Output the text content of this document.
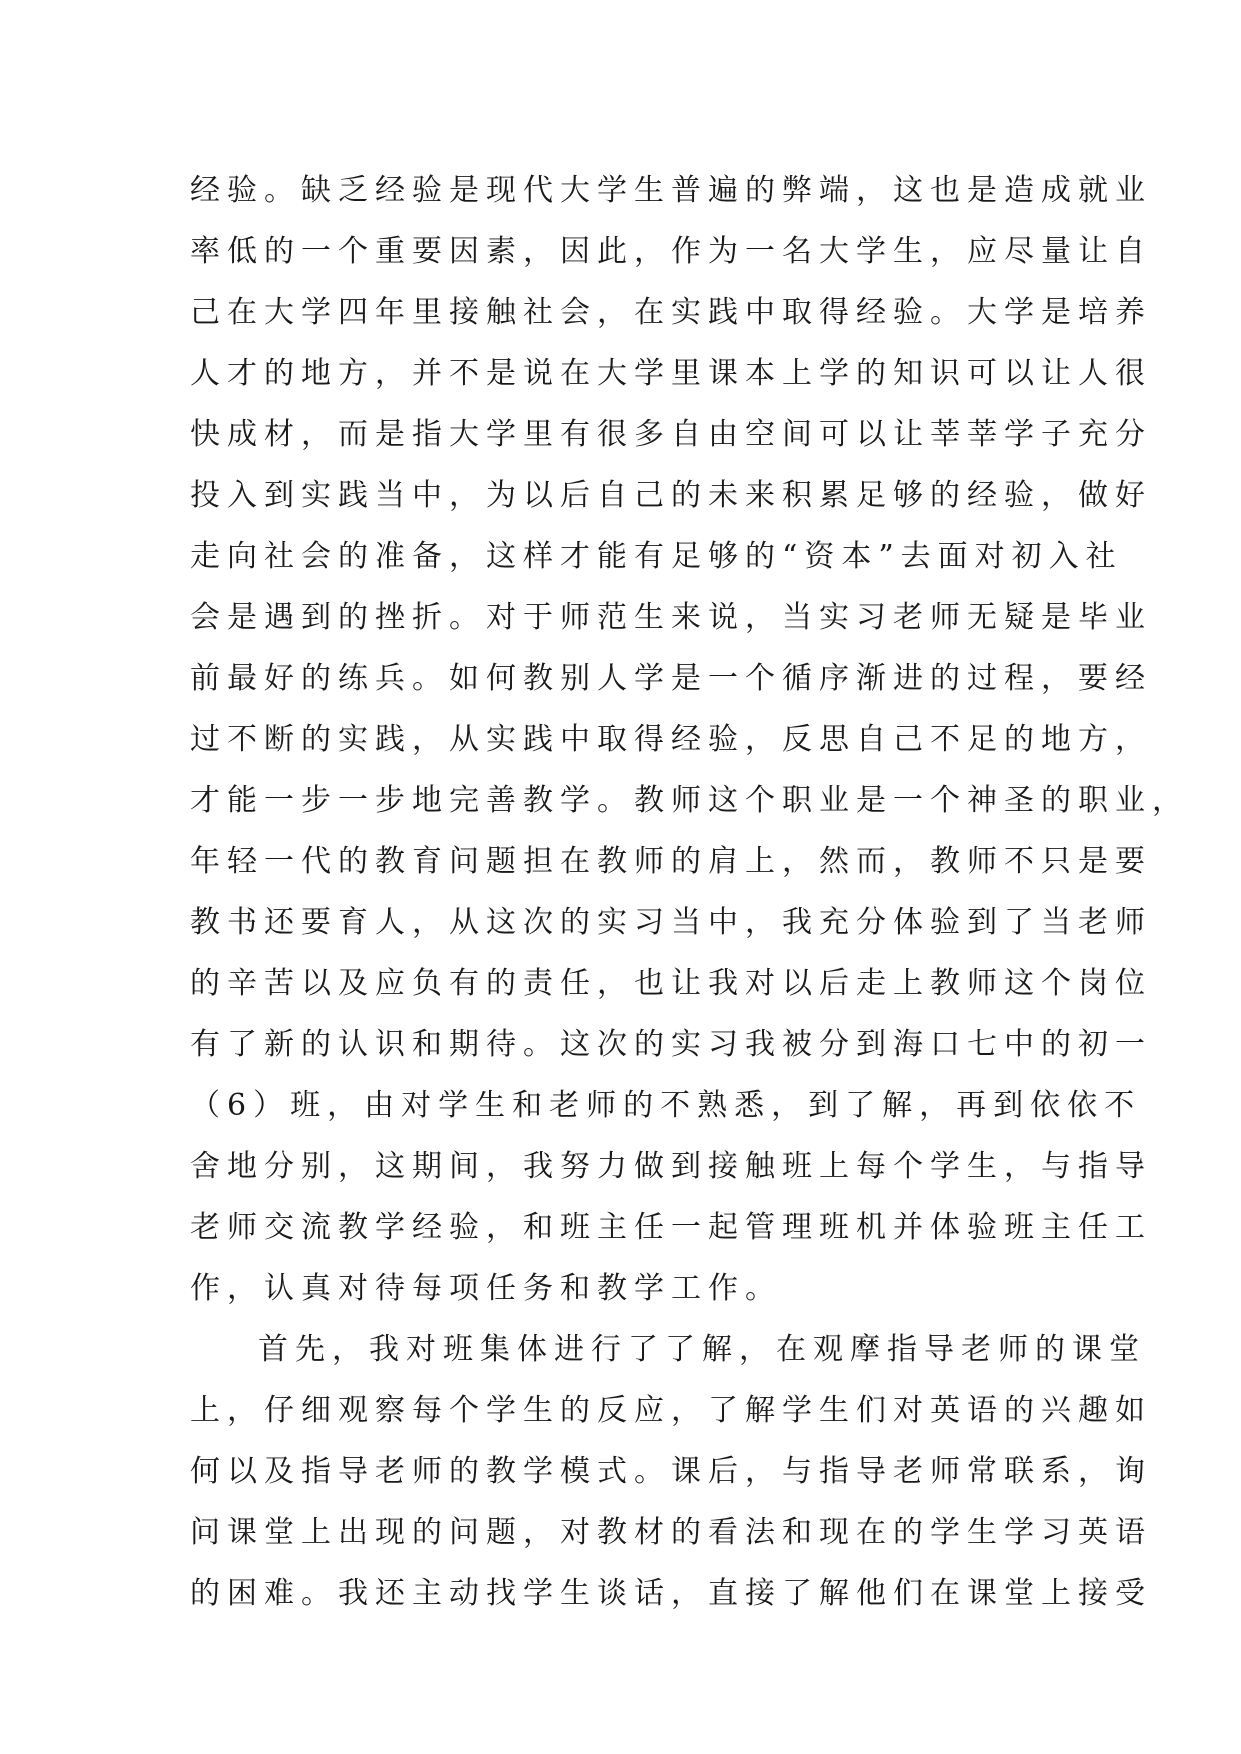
经验。缺乏经验是现代大学生普遍的弊端，这也是造成就业
率低的一个重要因素，因此，作为一名大学生，应尽量让自
己在大学四年里接触社会，在实践中取得经验。大学是培养
人才的地方，并不是说在大学里课本上学的知识可以让人很
快成材，而是指大学里有很多自由空间可以让莘莘学子充分
投入到实践当中，为以后自己的未来积累足够的经验，做好
走向社会的准备，这样才能有足够的“资本”去面对初入社
会是遇到的挫折。对于师范生来说，当实习老师无疑是毕业
前最好的练兵。如何教别人学是一个循序渐进的过程，要经
过不断的实践，从实践中取得经验，反思自己不足的地方，
才能一步一步地完善教学。教师这个职业是一个神圣的职业，
年轻一代的教育问题担在教师的肩上，然而，教师不只是要
教书还要育人，从这次的实习当中，我充分体验到了当老师
的辛苦以及应负有的责任，也让我对以后走上教师这个岗位
有了新的认识和期待。这次的实习我被分到海口七中的初一
（6）班，由对学生和老师的不熟悉，到了解，再到依依不
舍地分别，这期间，我努力做到接触班上每个学生，与指导
老师交流教学经验，和班主任一起管理班机并体验班主任工
作，认真对待每项任务和教学工作。
首先，我对班集体进行了了解，在观摩指导老师的课堂
上，仔细观察每个学生的反应，了解学生们对英语的兴趣如
何以及指导老师的教学模式。课后，与指导老师常联系，询
问课堂上出现的问题，对教材的看法和现在的学生学习英语
的困难。我还主动找学生谈话，直接了解他们在课堂上接受
